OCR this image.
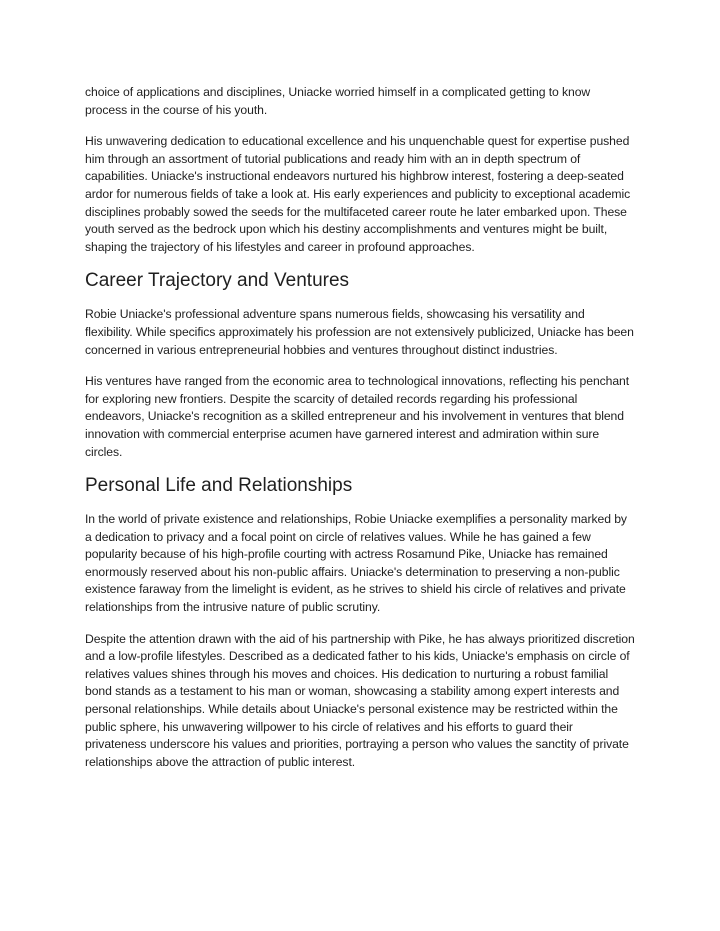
choice of applications and disciplines, Uniacke worried himself in a complicated getting to know process in the course of his youth.

His unwavering dedication to educational excellence and his unquenchable quest for expertise pushed him through an assortment of tutorial publications and ready him with an in depth spectrum of capabilities. Uniacke's instructional endeavors nurtured his highbrow interest, fostering a deep-seated ardor for numerous fields of take a look at. His early experiences and publicity to exceptional academic disciplines probably sowed the seeds for the multifaceted career route he later embarked upon. These youth served as the bedrock upon which his destiny accomplishments and ventures might be built, shaping the trajectory of his lifestyles and career in profound approaches.

Career Trajectory and Ventures

Robie Uniacke's professional adventure spans numerous fields, showcasing his versatility and flexibility. While specifics approximately his profession are not extensively publicized, Uniacke has been concerned in various entrepreneurial hobbies and ventures throughout distinct industries.

His ventures have ranged from the economic area to technological innovations, reflecting his penchant for exploring new frontiers. Despite the scarcity of detailed records regarding his professional endeavors, Uniacke's recognition as a skilled entrepreneur and his involvement in ventures that blend innovation with commercial enterprise acumen have garnered interest and admiration within sure circles.

Personal Life and Relationships

In the world of private existence and relationships, Robie Uniacke exemplifies a personality marked by a dedication to privacy and a focal point on circle of relatives values. While he has gained a few popularity because of his high-profile courting with actress Rosamund Pike, Uniacke has remained enormously reserved about his non-public affairs. Uniacke's determination to preserving a non-public existence faraway from the limelight is evident, as he strives to shield his circle of relatives and private relationships from the intrusive nature of public scrutiny.

Despite the attention drawn with the aid of his partnership with Pike, he has always prioritized discretion and a low-profile lifestyles. Described as a dedicated father to his kids, Uniacke's emphasis on circle of relatives values shines through his moves and choices. His dedication to nurturing a robust familial bond stands as a testament to his man or woman, showcasing a stability among expert interests and personal relationships. While details about Uniacke's personal existence may be restricted within the public sphere, his unwavering willpower to his circle of relatives and his efforts to guard their privateness underscore his values and priorities, portraying a person who values the sanctity of private relationships above the attraction of public interest.
